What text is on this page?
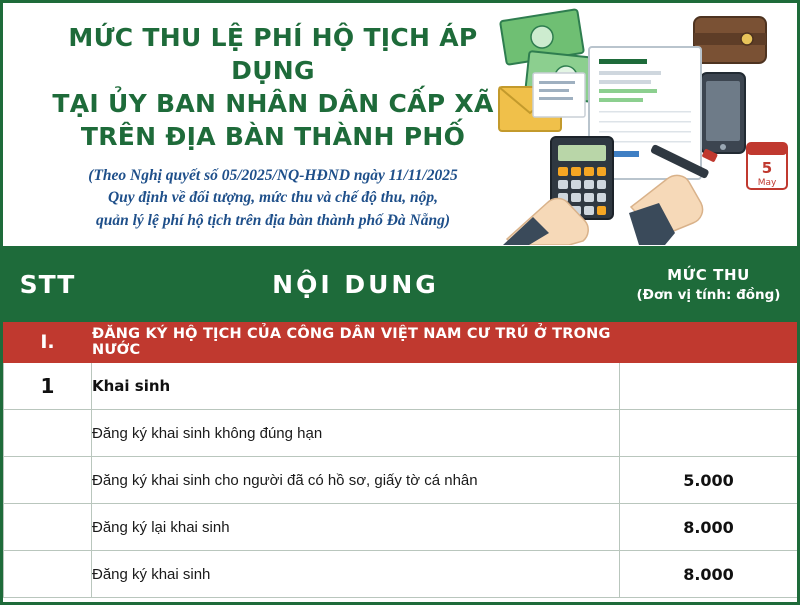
MỨC THU LỆ PHÍ HỘ TỊCH ÁP DỤNG
TẠI ỦY BAN NHÂN DÂN CẤP XÃ
TRÊN ĐỊA BÀN THÀNH PHỐ
(Theo Nghị quyết số 05/2025/NQ-HĐND ngày 11/11/2025
Quy định về đối tượng, mức thu và chế độ thu, nộp,
quản lý lệ phí hộ tịch trên địa bàn thành phố Đà Nẵng)
5
May
STT	NỘI DUNG	MỨC THU
(Đơn vị tính: đồng)

I.	ĐĂNG KÝ HỘ TỊCH CỦA CÔNG DÂN VIỆT NAM CƯ TRÚ Ở TRONG NƯỚC	
1	Khai sinh	
	Đăng ký khai sinh không đúng hạn	
	Đăng ký khai sinh cho người đã có hồ sơ, giấy tờ cá nhân	5.000
	Đăng ký lại khai sinh	8.000
	Đăng ký khai sinh	8.000
